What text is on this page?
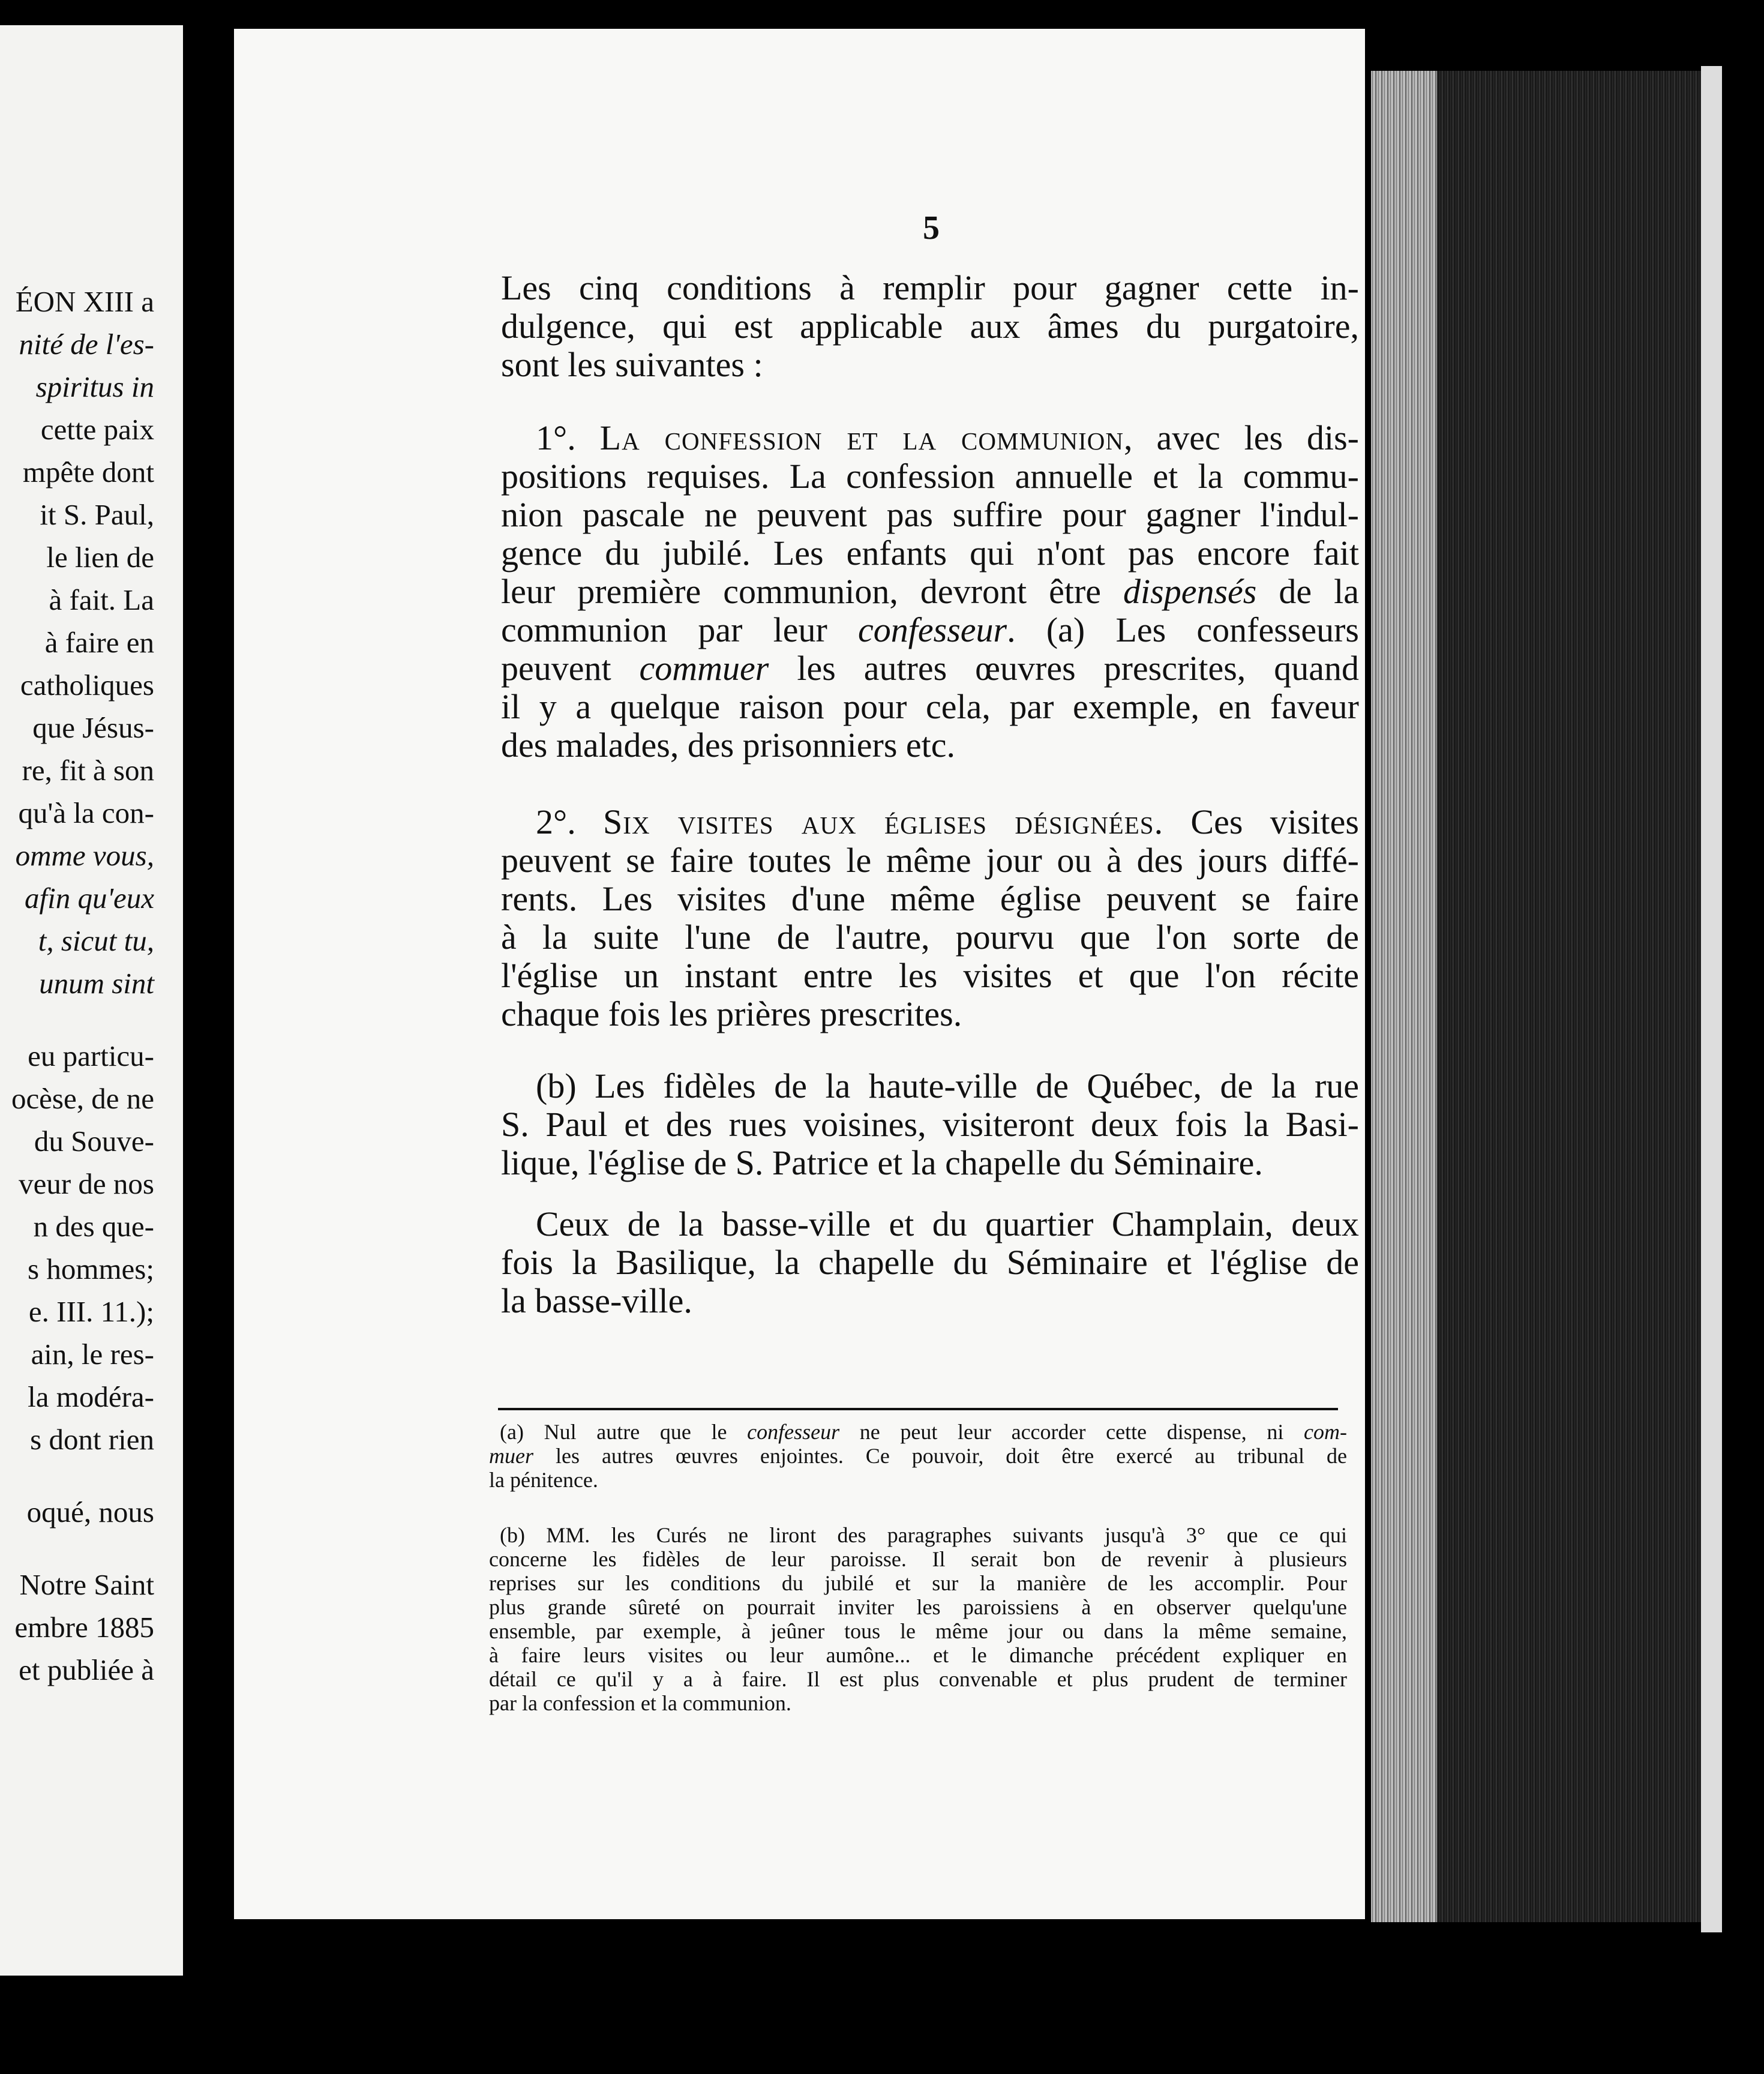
ÉON XIII a
nité de l'es-
spiritus in
cette paix
mpête dont
it S. Paul,
le lien de
à fait. La
à faire en
catholiques
que Jésus-
re, fit à son
qu'à la con-
omme vous,
afin qu'eux
t, sicut tu,
unum sint
eu particu-
ocèse, de ne
du Souve-
veur de nos
n des que-
s hommes;
e. III. 11.);
ain, le res-
la modéra-
s dont rien
oqué, nous
Notre Saint
embre 1885
et publiée à
5
Les cinq conditions à remplir pour gagner cette in-
dulgence, qui est applicable aux âmes du purgatoire,
sont les suivantes :
 1°. La confession et la communion, avec les dis-
positions requises. La confession annuelle et la commu-
nion pascale ne peuvent pas suffire pour gagner l'indul-
gence du jubilé. Les enfants qui n'ont pas encore fait
leur première communion, devront être dispensés de la
communion par leur confesseur. (a) Les confesseurs
peuvent commuer les autres œuvres prescrites, quand
il y a quelque raison pour cela, par exemple, en faveur
des malades, des prisonniers etc.
 2°. Six visites aux églises désignées. Ces visites
peuvent se faire toutes le même jour ou à des jours diffé-
rents. Les visites d'une même église peuvent se faire
à la suite l'une de l'autre, pourvu que l'on sorte de
l'église un instant entre les visites et que l'on récite
chaque fois les prières prescrites.
 (b) Les fidèles de la haute-ville de Québec, de la rue
S. Paul et des rues voisines, visiteront deux fois la Basi-
lique, l'église de S. Patrice et la chapelle du Séminaire.
 Ceux de la basse-ville et du quartier Champlain, deux
fois la Basilique, la chapelle du Séminaire et l'église de
la basse-ville.
 (a) Nul autre que le confesseur ne peut leur accorder cette dispense, ni com-
muer les autres œuvres enjointes. Ce pouvoir, doit être exercé au tribunal de
la pénitence.
 (b) MM. les Curés ne liront des paragraphes suivants jusqu'à 3° que ce qui
concerne les fidèles de leur paroisse. Il serait bon de revenir à plusieurs
reprises sur les conditions du jubilé et sur la manière de les accomplir. Pour
plus grande sûreté on pourrait inviter les paroissiens à en observer quelqu'une
ensemble, par exemple, à jeûner tous le même jour ou dans la même semaine,
à faire leurs visites ou leur aumône... et le dimanche précédent expliquer en
détail ce qu'il y a à faire. Il est plus convenable et plus prudent de terminer
par la confession et la communion.
